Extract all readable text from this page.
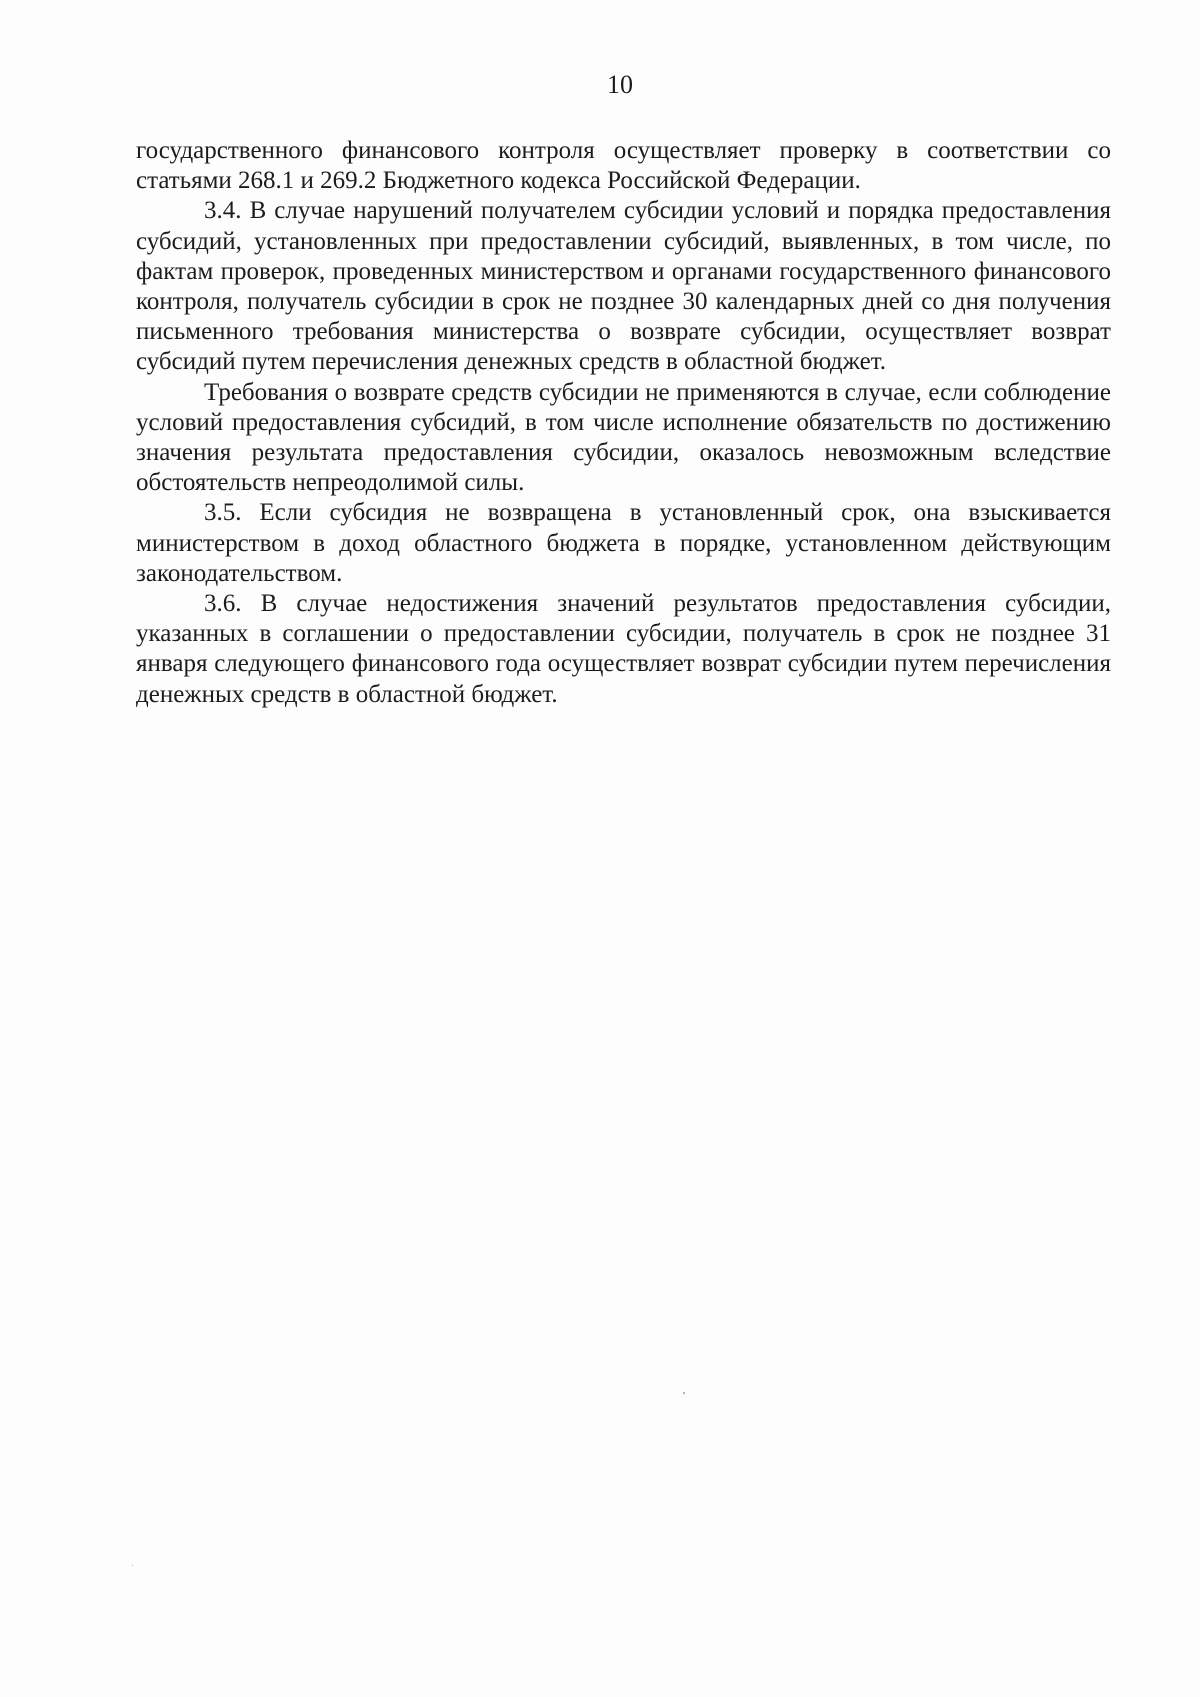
10

государственного финансового контроля осуществляет проверку в соответствии со статьями 268.1 и 269.2 Бюджетного кодекса Российской Федерации.

3.4. В случае нарушений получателем субсидии условий и порядка предоставления субсидий, установленных при предоставлении субсидий, выявленных, в том числе, по фактам проверок, проведенных министерством и органами государственного финансового контроля, получатель субсидии в срок не позднее 30 календарных дней со дня получения письменного требования министерства о возврате субсидии, осуществляет возврат субсидий путем перечисления денежных средств в областной бюджет.

Требования о возврате средств субсидии не применяются в случае, если соблюдение условий предоставления субсидий, в том числе исполнение обязательств по достижению значения результата предоставления субсидии, оказалось невозможным вследствие обстоятельств непреодолимой силы.

3.5. Если субсидия не возвращена в установленный срок, она взыскивается министерством в доход областного бюджета в порядке, установленном действующим законодательством.

3.6. В случае недостижения значений результатов предоставления субсидии, указанных в соглашении о предоставлении субсидии, получатель в срок не позднее 31 января следующего финансового года осуществляет возврат субсидии путем перечисления денежных средств в областной бюджет.
